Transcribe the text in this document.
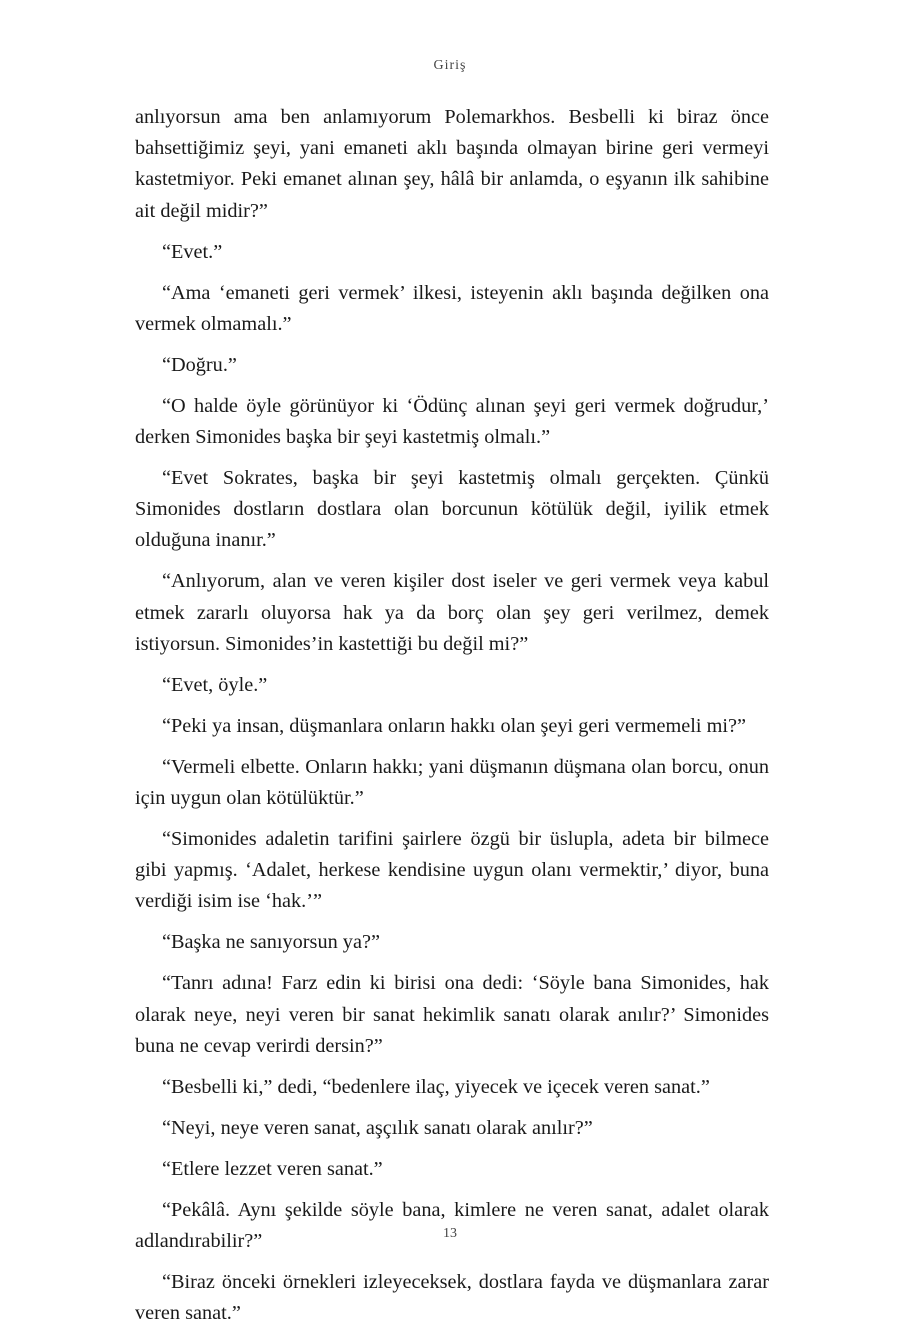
Giriş

anlıyorsun ama ben anlamıyorum Polemarkhos. Besbelli ki biraz önce bahsettiğimiz şeyi, yani emaneti aklı başında olmayan birine geri vermeyi kastetmiyor. Peki emanet alınan şey, hâlâ bir anlamda, o eşyanın ilk sahibine ait değil midir?”

“Evet.”

“Ama ‘emaneti geri vermek’ ilkesi, isteyenin aklı başında değilken ona vermek olmamalı.”

“Doğru.”

“O halde öyle görünüyor ki ‘Ödünç alınan şeyi geri vermek doğrudur,’ derken Simonides başka bir şeyi kastetmiş olmalı.”

“Evet Sokrates, başka bir şeyi kastetmiş olmalı gerçekten. Çünkü Simonides dostların dostlara olan borcunun kötülük değil, iyilik etmek olduğuna inanır.”

“Anlıyorum, alan ve veren kişiler dost iseler ve geri vermek veya kabul etmek zararlı oluyorsa hak ya da borç olan şey geri verilmez, demek istiyorsun. Simonides’in kastettiği bu değil mi?”

“Evet, öyle.”

“Peki ya insan, düşmanlara onların hakkı olan şeyi geri vermemeli mi?”

“Vermeli elbette. Onların hakkı; yani düşmanın düşmana olan borcu, onun için uygun olan kötülüktür.”

“Simonides adaletin tarifini şairlere özgü bir üslupla, adeta bir bilmece gibi yapmış. ‘Adalet, herkese kendisine uygun olanı vermektir,’ diyor, buna verdiği isim ise ‘hak.’”

“Başka ne sanıyorsun ya?”

“Tanrı adına! Farz edin ki birisi ona dedi: ‘Söyle bana Simonides, hak olarak neye, neyi veren bir sanat hekimlik sanatı olarak anılır?’ Simonides buna ne cevap verirdi dersin?”

“Besbelli ki,” dedi, “bedenlere ilaç, yiyecek ve içecek veren sanat.”

“Neyi, neye veren sanat, aşçılık sanatı olarak anılır?”

“Etlere lezzet veren sanat.”

“Pekâlâ. Aynı şekilde söyle bana, kimlere ne veren sanat, adalet olarak adlandırabilir?”

“Biraz önceki örnekleri izleyeceksek, dostlara fayda ve düşmanlara zarar veren sanat.”

13
